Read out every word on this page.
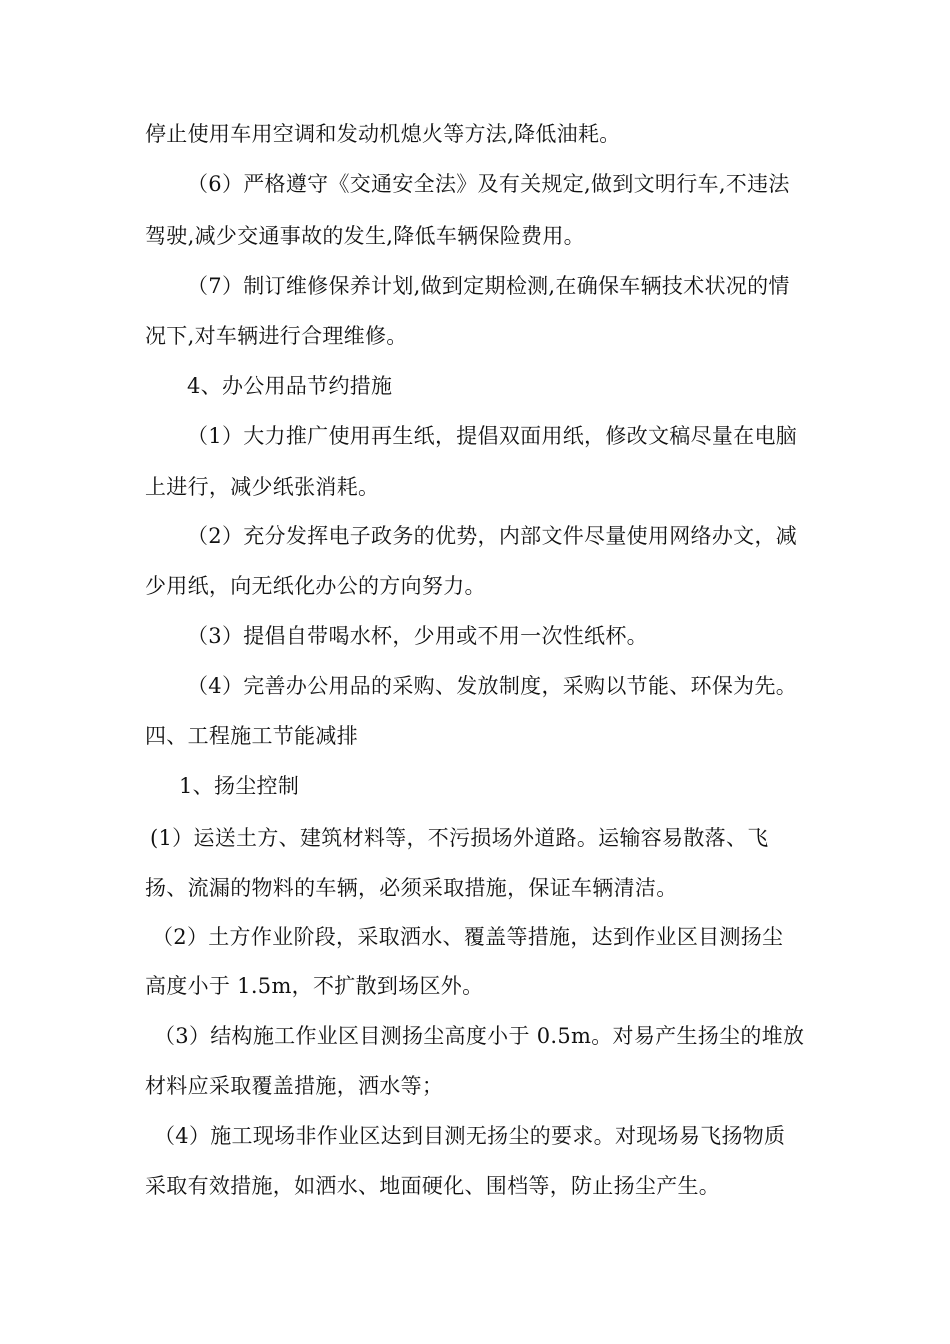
停止使用车用空调和发动机熄火等方法,降低油耗。
（6）严格遵守《交通安全法》及有关规定,做到文明行车,不违法
驾驶,减少交通事故的发生,降低车辆保险费用。
（7）制订维修保养计划,做到定期检测,在确保车辆技术状况的情
况下,对车辆进行合理维修。
4、办公用品节约措施
（1）大力推广使用再生纸，提倡双面用纸，修改文稿尽量在电脑
上进行，减少纸张消耗。
（2）充分发挥电子政务的优势，内部文件尽量使用网络办文，减
少用纸，向无纸化办公的方向努力。
（3）提倡自带喝水杯，少用或不用一次性纸杯。
（4）完善办公用品的采购、发放制度，采购以节能、环保为先。
四、工程施工节能减排
1、扬尘控制
(1）运送土方、建筑材料等，不污损场外道路。运输容易散落、飞
扬、流漏的物料的车辆，必须采取措施，保证车辆清洁。
（2）土方作业阶段，采取洒水、覆盖等措施，达到作业区目测扬尘
高度小于 1.5m，不扩散到场区外。
（3）结构施工作业区目测扬尘高度小于 0.5m。对易产生扬尘的堆放
材料应采取覆盖措施，洒水等；
（4）施工现场非作业区达到目测无扬尘的要求。对现场易飞扬物质
采取有效措施，如洒水、地面硬化、围档等，防止扬尘产生。
